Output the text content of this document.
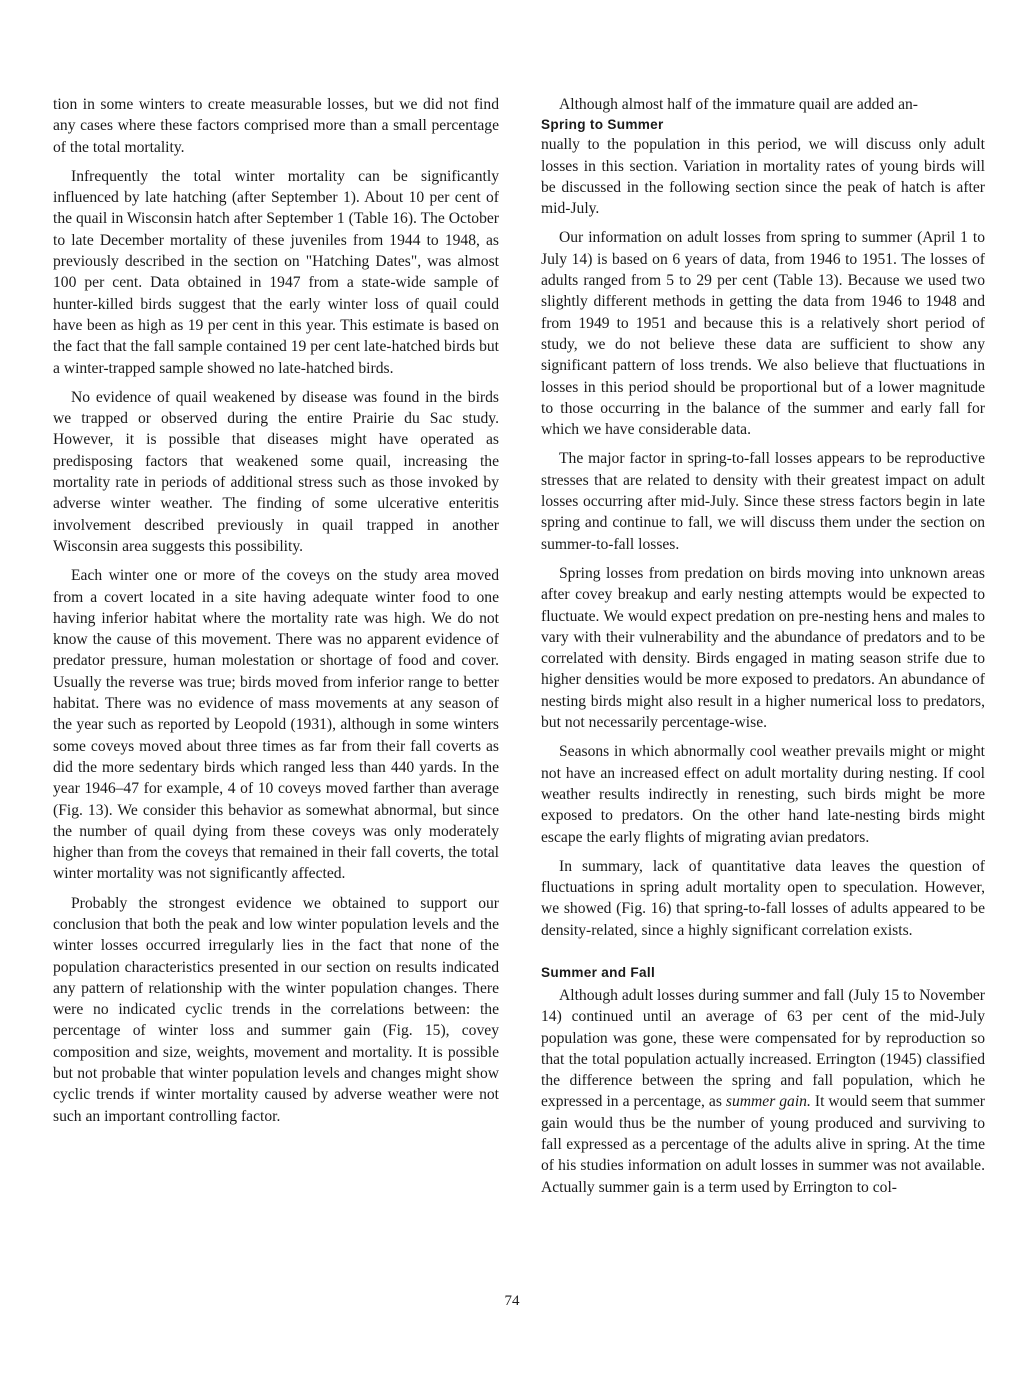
tion in some winters to create measurable losses, but we did not find any cases where these factors comprised more than a small percentage of the total mortality.

Infrequently the total winter mortality can be significantly influenced by late hatching (after September 1). About 10 per cent of the quail in Wisconsin hatch after September 1 (Table 16). The October to late December mortality of these juveniles from 1944 to 1948, as previously described in the section on "Hatching Dates", was almost 100 per cent. Data obtained in 1947 from a state-wide sample of hunter-killed birds suggest that the early winter loss of quail could have been as high as 19 per cent in this year. This estimate is based on the fact that the fall sample contained 19 per cent late-hatched birds but a winter-trapped sample showed no late-hatched birds.

No evidence of quail weakened by disease was found in the birds we trapped or observed during the entire Prairie du Sac study. However, it is possible that diseases might have operated as predisposing factors that weakened some quail, increasing the mortality rate in periods of additional stress such as those invoked by adverse winter weather. The finding of some ulcerative enteritis involvement described previously in quail trapped in another Wisconsin area suggests this possibility.

Each winter one or more of the coveys on the study area moved from a covert located in a site having adequate winter food to one having inferior habitat where the mortality rate was high. We do not know the cause of this movement. There was no apparent evidence of predator pressure, human molestation or shortage of food and cover. Usually the reverse was true; birds moved from inferior range to better habitat. There was no evidence of mass movements at any season of the year such as reported by Leopold (1931), although in some winters some coveys moved about three times as far from their fall coverts as did the more sedentary birds which ranged less than 440 yards. In the year 1946–47 for example, 4 of 10 coveys moved farther than average (Fig. 13). We consider this behavior as somewhat abnormal, but since the number of quail dying from these coveys was only moderately higher than from the coveys that remained in their fall coverts, the total winter mortality was not significantly affected.

Probably the strongest evidence we obtained to support our conclusion that both the peak and low winter population levels and the winter losses occurred irregularly lies in the fact that none of the population characteristics presented in our section on results indicated any pattern of relationship with the winter population changes. There were no indicated cyclic trends in the correlations between: the percentage of winter loss and summer gain (Fig. 15), covey composition and size, weights, movement and mortality. It is possible but not probable that winter population levels and changes might show cyclic trends if winter mortality caused by adverse weather were not such an important controlling factor.

Although almost half of the immature quail are added an-

Spring to Summer

nually to the population in this period, we will discuss only adult losses in this section. Variation in mortality rates of young birds will be discussed in the following section since the peak of hatch is after mid-July.

Our information on adult losses from spring to summer (April 1 to July 14) is based on 6 years of data, from 1946 to 1951. The losses of adults ranged from 5 to 29 per cent (Table 13). Because we used two slightly different methods in getting the data from 1946 to 1948 and from 1949 to 1951 and because this is a relatively short period of study, we do not believe these data are sufficient to show any significant pattern of loss trends. We also believe that fluctuations in losses in this period should be proportional but of a lower magnitude to those occurring in the balance of the summer and early fall for which we have considerable data.

The major factor in spring-to-fall losses appears to be reproductive stresses that are related to density with their greatest impact on adult losses occurring after mid-July. Since these stress factors begin in late spring and continue to fall, we will discuss them under the section on summer-to-fall losses.

Spring losses from predation on birds moving into unknown areas after covey breakup and early nesting attempts would be expected to fluctuate. We would expect predation on pre-nesting hens and males to vary with their vulnerability and the abundance of predators and to be correlated with density. Birds engaged in mating season strife due to higher densities would be more exposed to predators. An abundance of nesting birds might also result in a higher numerical loss to predators, but not necessarily percentage-wise.

Seasons in which abnormally cool weather prevails might or might not have an increased effect on adult mortality during nesting. If cool weather results indirectly in renesting, such birds might be more exposed to predators. On the other hand late-nesting birds might escape the early flights of migrating avian predators.

In summary, lack of quantitative data leaves the question of fluctuations in spring adult mortality open to speculation. However, we showed (Fig. 16) that spring-to-fall losses of adults appeared to be density-related, since a highly significant correlation exists.

Summer and Fall

Although adult losses during summer and fall (July 15 to November 14) continued until an average of 63 per cent of the mid-July population was gone, these were compensated for by reproduction so that the total population actually increased. Errington (1945) classified the difference between the spring and fall population, which he expressed in a percentage, as summer gain. It would seem that summer gain would thus be the number of young produced and surviving to fall expressed as a percentage of the adults alive in spring. At the time of his studies information on adult losses in summer was not available. Actually summer gain is a term used by Errington to col-

74
